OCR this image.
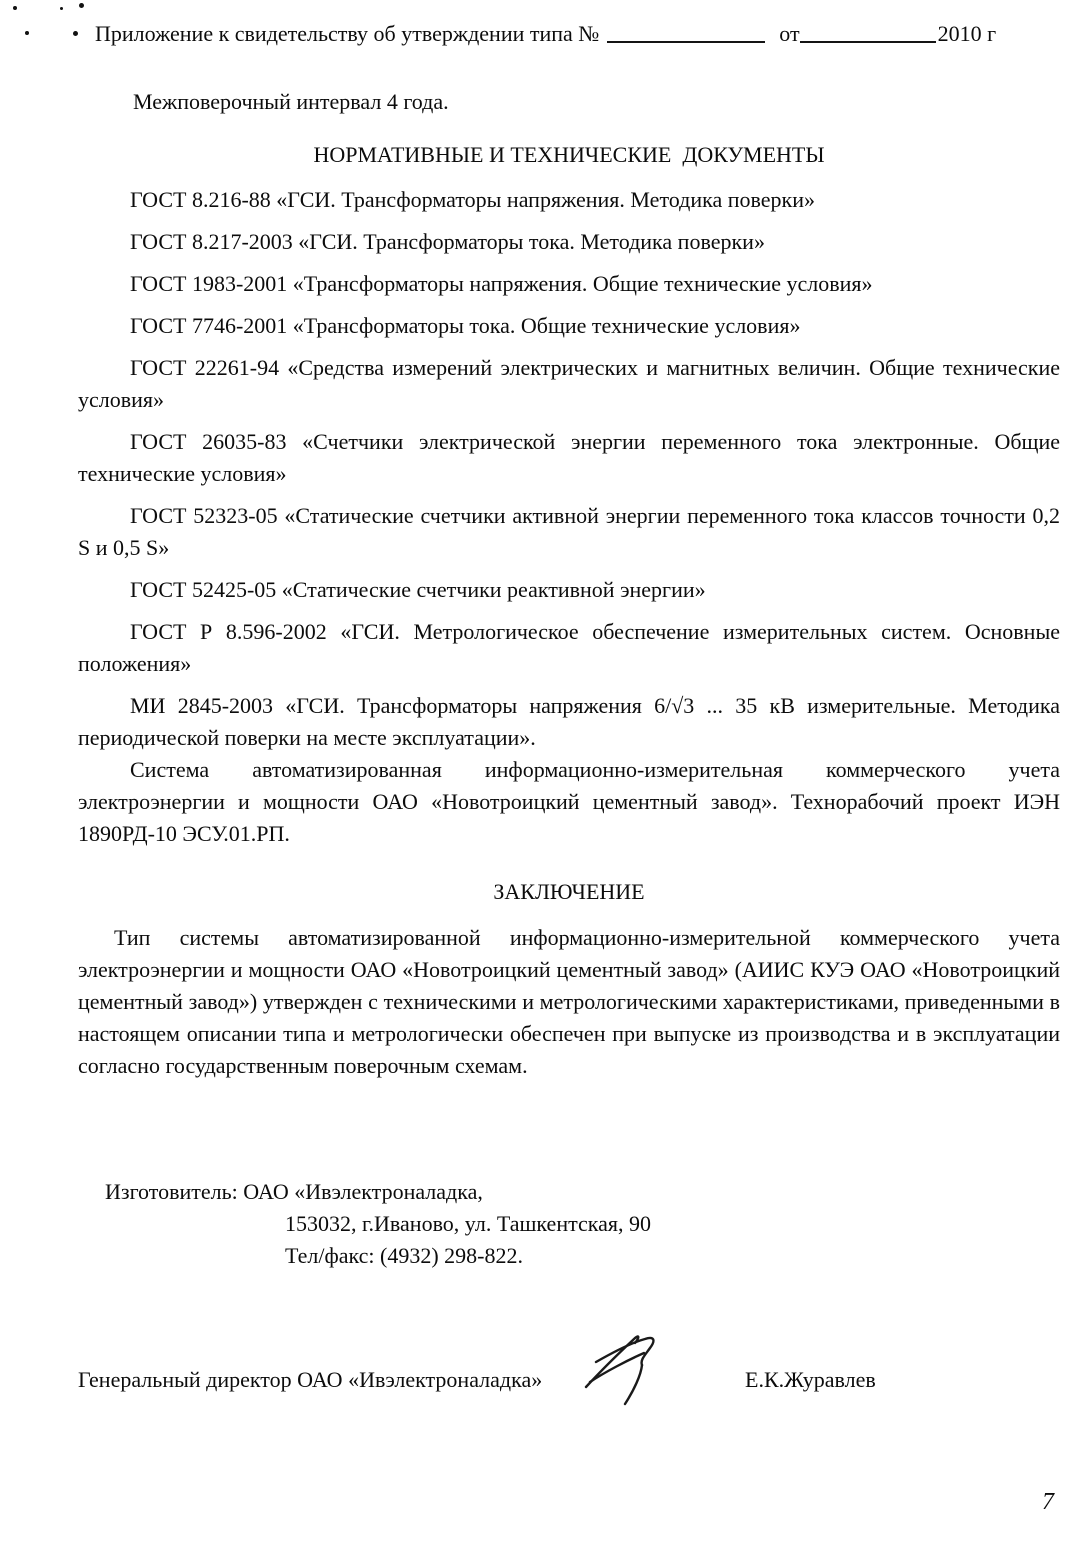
Приложение к свидетельству об утверждении типа №	от	2010 г

Межповерочный интервал 4 года.

НОРМАТИВНЫЕ И ТЕХНИЧЕСКИЕ  ДОКУМЕНТЫ

ГОСТ 8.216-88 «ГСИ. Трансформаторы напряжения. Методика поверки»

ГОСТ 8.217-2003 «ГСИ. Трансформаторы тока. Методика поверки»

ГОСТ 1983-2001 «Трансформаторы напряжения. Общие технические условия»

ГОСТ 7746-2001 «Трансформаторы тока. Общие технические условия»

ГОСТ 22261-94 «Средства измерений электрических и магнитных величин. Общие технические условия»

ГОСТ 26035-83 «Счетчики электрической энергии переменного тока электронные. Общие технические условия»

ГОСТ 52323-05 «Статические счетчики активной энергии переменного тока классов точности 0,2 S и 0,5 S»

ГОСТ 52425-05 «Статические счетчики реактивной энергии»

ГОСТ Р 8.596-2002 «ГСИ. Метрологическое обеспечение измерительных систем. Основные положения»

МИ 2845-2003 «ГСИ. Трансформаторы напряжения 6/√3 ... 35 кВ измерительные. Методика периодической поверки на месте эксплуатации».

Система автоматизированная информационно-измерительная коммерческого учета электроэнергии и мощности ОАО «Новотроицкий цементный завод». Технорабочий проект ИЭН 1890РД-10 ЭСУ.01.РП.

ЗАКЛЮЧЕНИЕ

Тип системы автоматизированной информационно-измерительной коммерческого учета электроэнергии и мощности ОАО «Новотроицкий цементный завод» (АИИС КУЭ ОАО «Новотроицкий цементный завод») утвержден с техническими и метрологическими характеристиками, приведенными в настоящем описании типа и метрологически обеспечен при выпуске из производства и в эксплуатации согласно государственным поверочным схемам.

Изготовитель: ОАО «Ивэлектроналадка,

153032, г.Иваново, ул. Ташкентская, 90

Тел/факс: (4932) 298-822.

Генеральный директор ОАО «Ивэлектроналадка»	Е.К.Журавлев
7
